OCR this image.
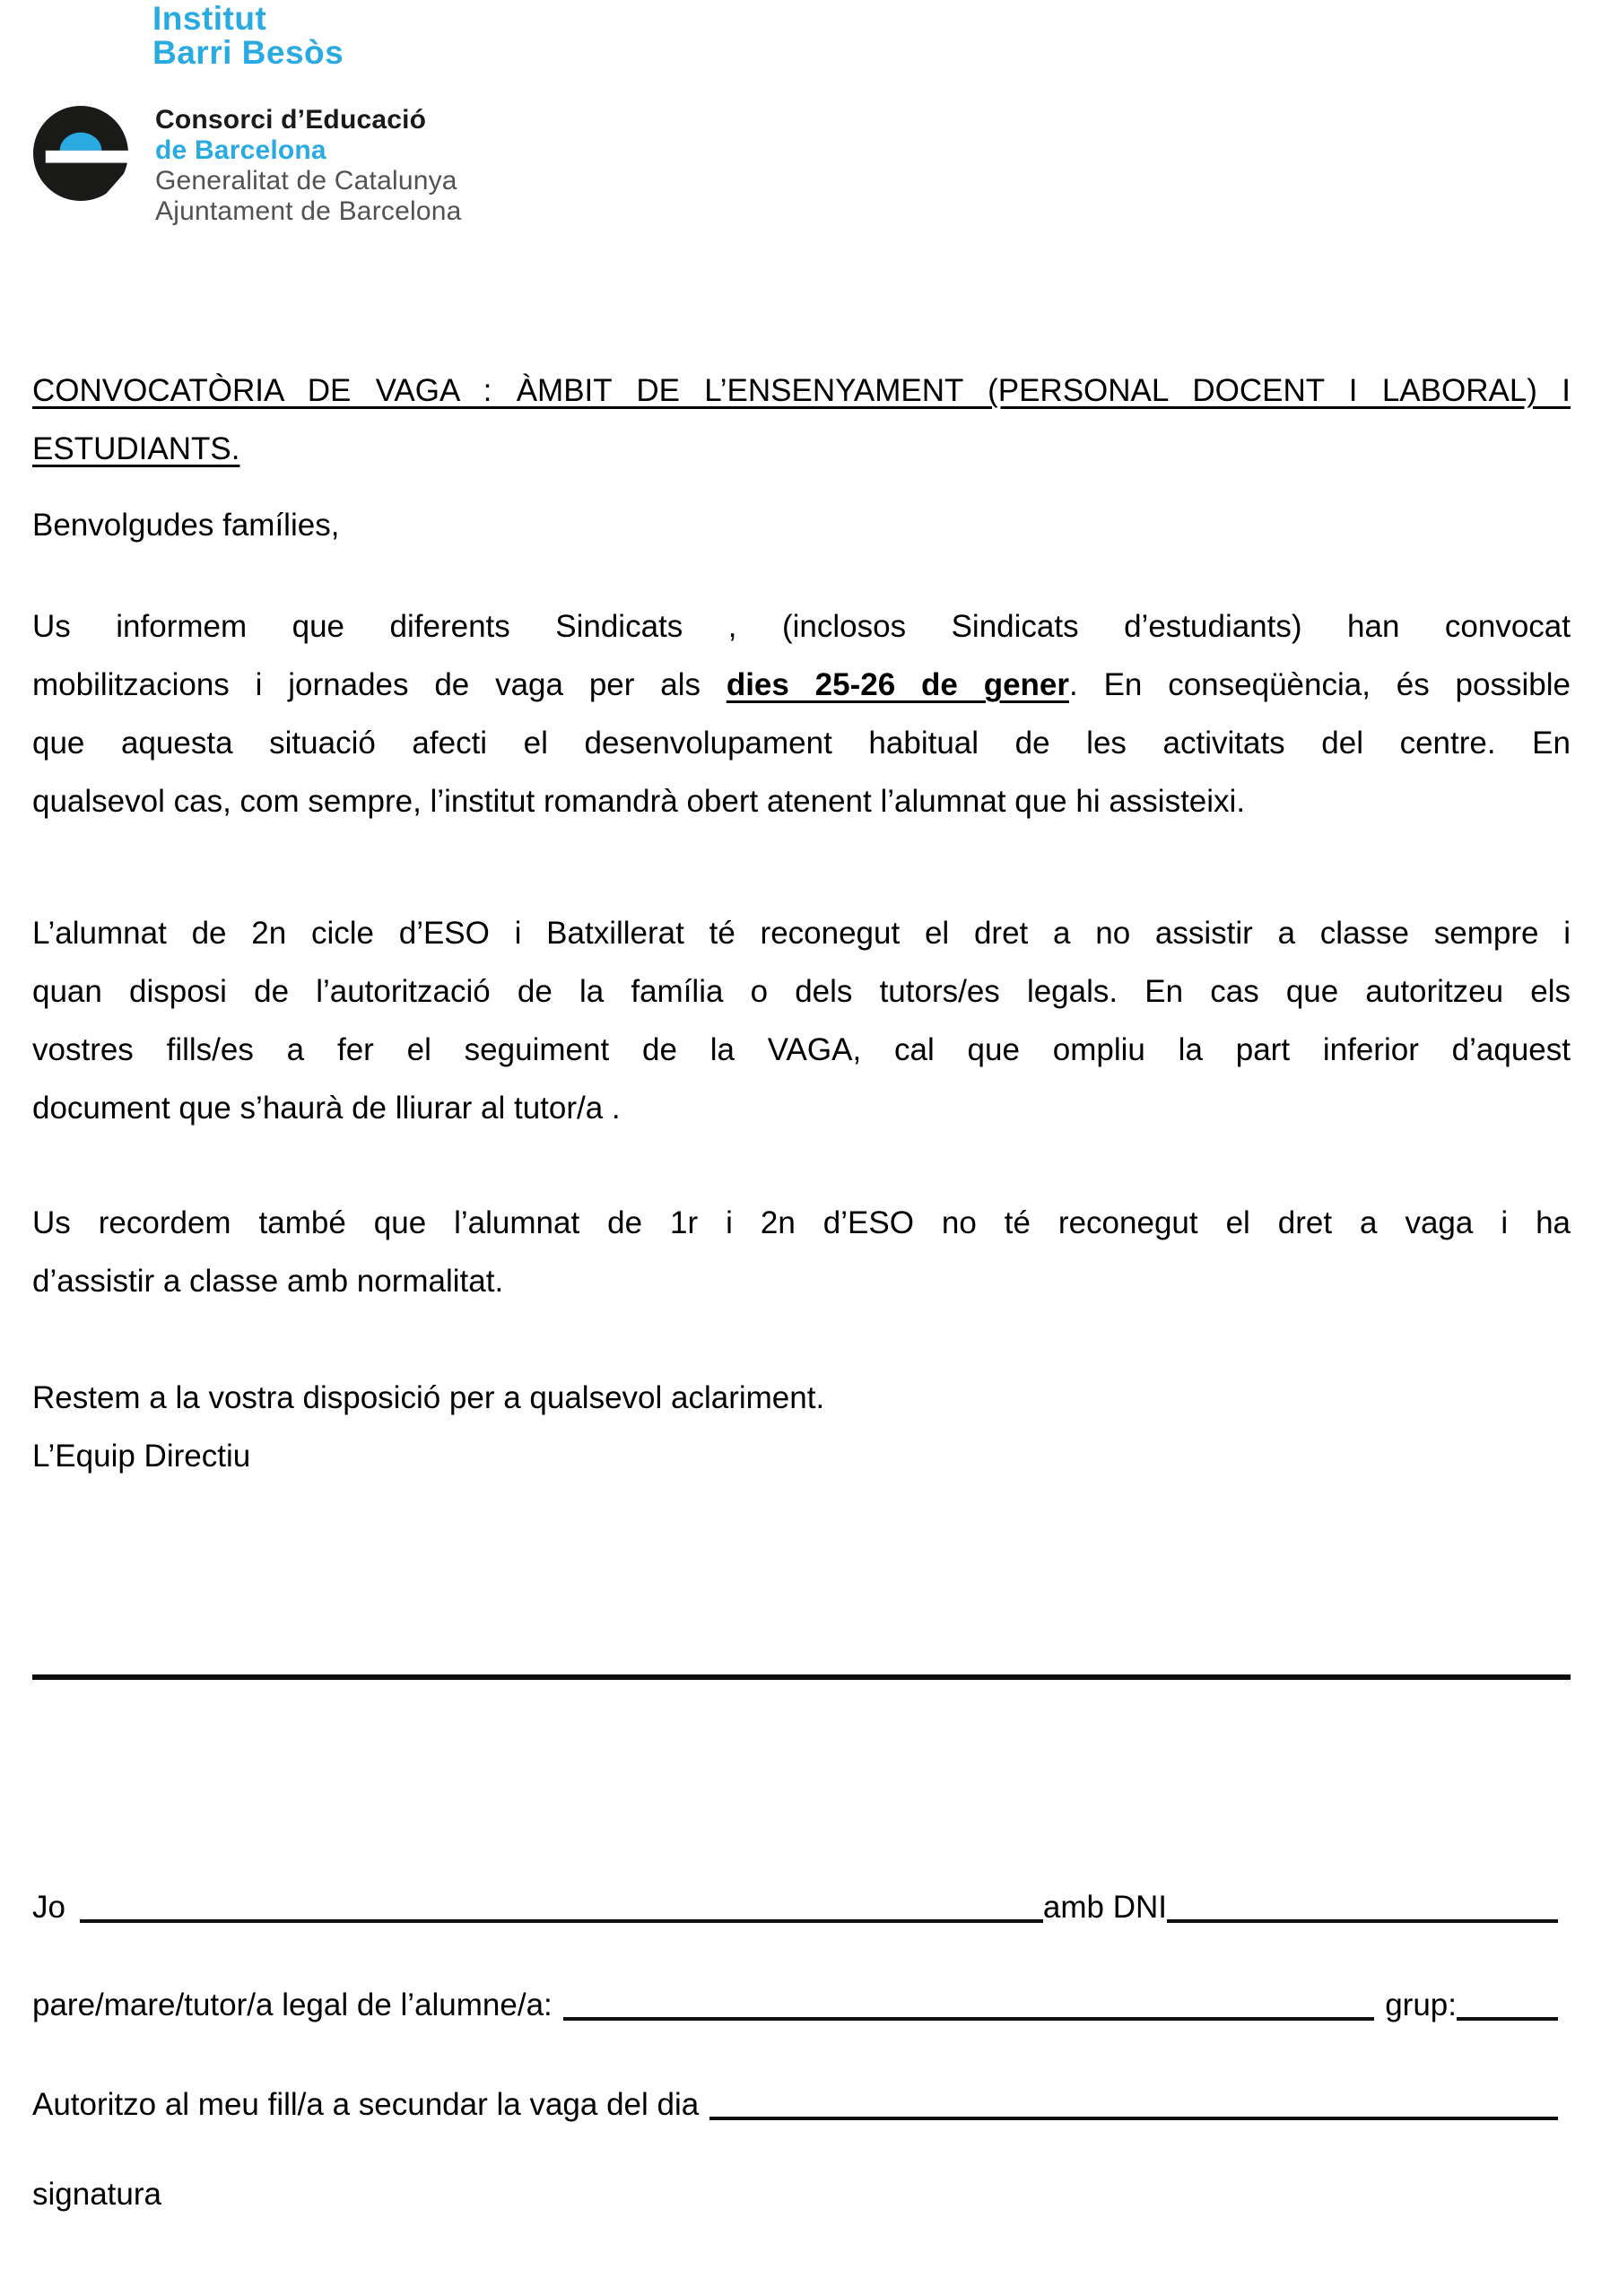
Institut
Barri Besòs
Consorci d’Educació
de Barcelona
Generalitat de Catalunya
Ajuntament de Barcelona
CONVOCATÒRIA DE VAGA : ÀMBIT DE L’ENSENYAMENT (PERSONAL DOCENT I LABORAL) I
ESTUDIANTS.
Benvolgudes famílies,
Us informem que diferents Sindicats , (inclosos Sindicats d’estudiants) han convocat
mobilitzacions i jornades de vaga per als dies 25-26 de gener. En conseqüència, és possible
que aquesta situació afecti el desenvolupament habitual de les activitats del centre. En
qualsevol cas, com sempre, l’institut romandrà obert atenent l’alumnat que hi assisteixi.
L’alumnat de 2n cicle d’ESO i Batxillerat té reconegut el dret a no assistir a classe sempre i
quan disposi de l’autorització de la família o dels tutors/es legals. En cas que autoritzeu els
vostres fills/es a fer el seguiment de la VAGA, cal que ompliu la part inferior d’aquest
document que s’haurà de lliurar al tutor/a .
Us recordem també que l’alumnat de 1r i 2n d’ESO no té reconegut el dret a vaga i ha
d’assistir a classe amb normalitat.
Restem a la vostra disposició per a qualsevol aclariment.
L’Equip Directiu
Jo	amb DNI
pare/mare/tutor/a legal de l’alumne/a:	grup:
Autoritzo al meu fill/a a secundar la vaga del dia
signatura
